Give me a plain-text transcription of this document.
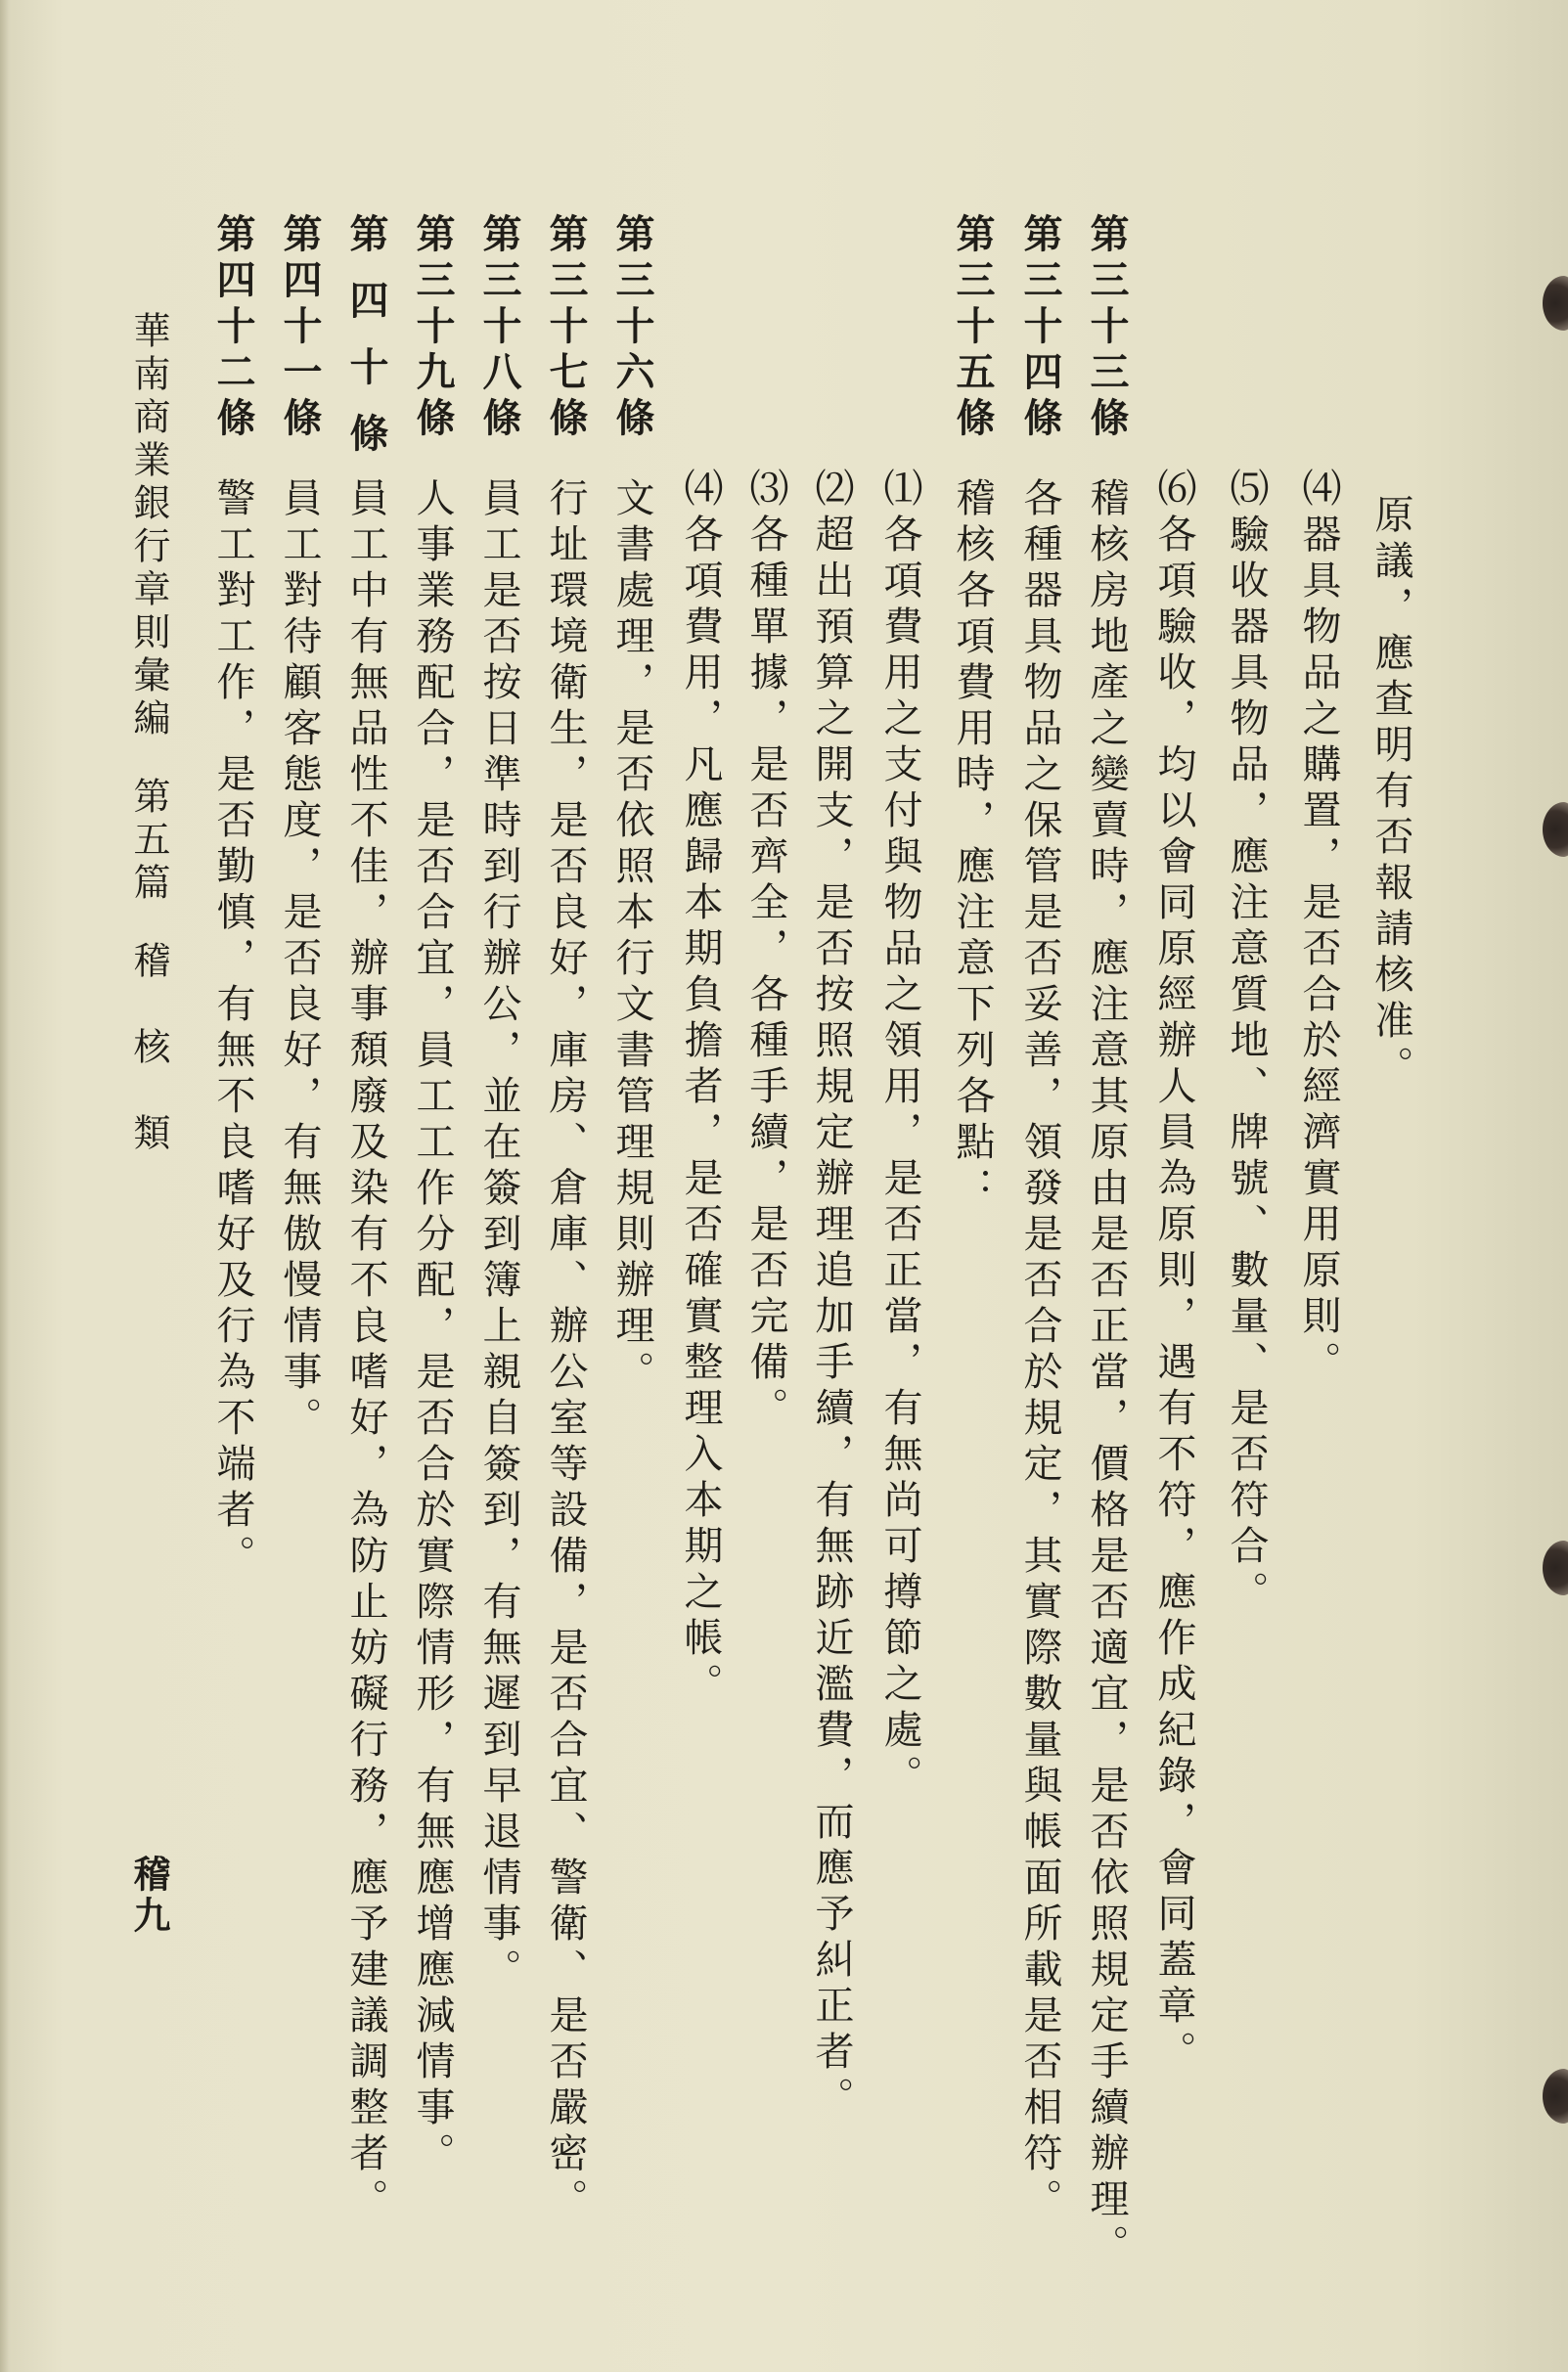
原議，應查明有否報請核准。
⑷器具物品之購置，是否合於經濟實用原則。
⑸驗收器具物品，應注意質地、牌號、數量、是否符合。
⑹各項驗收，均以會同原經辦人員為原則，遇有不符，應作成紀錄，會同蓋章。
第三十三條
稽核房地產之變賣時，應注意其原由是否正當，價格是否適宜，是否依照規定手續辦理。
第三十四條
各種器具物品之保管是否妥善，領發是否合於規定，其實際數量與帳面所載是否相符。
第三十五條
稽核各項費用時，應注意下列各點：
⑴各項費用之支付與物品之領用，是否正當，有無尚可撙節之處。
⑵超出預算之開支，是否按照規定辦理追加手續，有無跡近濫費，而應予糾正者。
⑶各種單據，是否齊全，各種手續，是否完備。
⑷各項費用，凡應歸本期負擔者，是否確實整理入本期之帳。
第三十六條
文書處理，是否依照本行文書管理規則辦理。
第三十七條
行址環境衛生，是否良好，庫房、倉庫、辦公室等設備，是否合宜、警衛、是否嚴密。
第三十八條
員工是否按日準時到行辦公，並在簽到簿上親自簽到，有無遲到早退情事。
第三十九條
人事業務配合，是否合宜，員工工作分配，是否合於實際情形，有無應增應減情事。
第 四 十 條
員工中有無品性不佳，辦事頹廢及染有不良嗜好，為防止妨礙行務，應予建議調整者。
第四十一條
員工對待顧客態度，是否良好，有無傲慢情事。
第四十二條
警工對工作，是否勤慎，有無不良嗜好及行為不端者。
華南商業銀行章則彙編第五篇稽　核　類
稽九
